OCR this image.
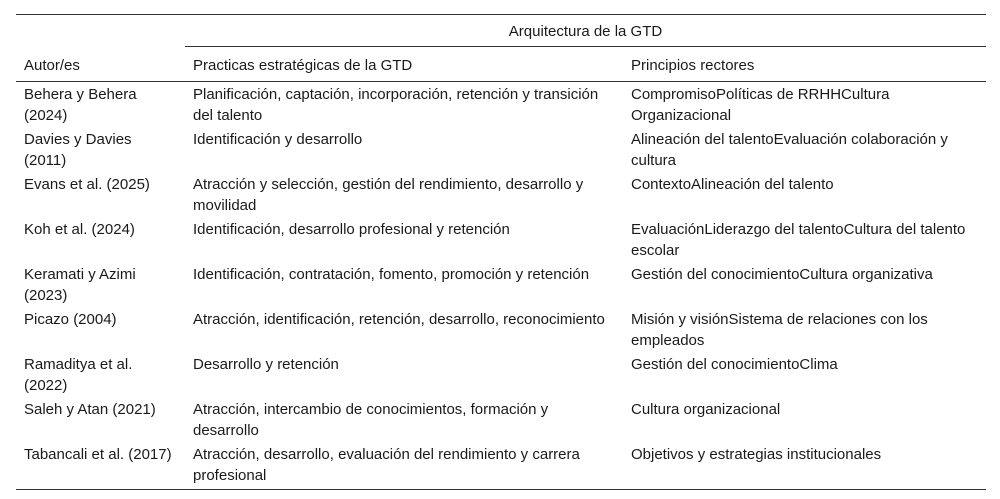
	Arquitectura de la GTD	
Autor/es	Practicas estratégicas de la GTD	Principios rectores
Behera y Behera (2024)	Planificación, captación, incorporación, retención y transición del talento	CompromisoPolíticas de RRHHCultura Organizacional
Davies y Davies (2011)	Identificación y desarrollo	Alineación del talentoEvaluación colaboración y cultura
Evans et al. (2025)	Atracción y selección, gestión del rendimiento, desarrollo y movilidad	ContextoAlineación del talento
Koh et al. (2024)	Identificación, desarrollo profesional y retención	EvaluaciónLiderazgo del talentoCultura del talento escolar
Keramati y Azimi (2023)	Identificación, contratación, fomento, promoción y retención	Gestión del conocimientoCultura organizativa
Picazo (2004)	Atracción, identificación, retención, desarrollo, reconocimiento	Misión y visiónSistema de relaciones con los empleados
Ramaditya et al. (2022)	Desarrollo y retención	Gestión del conocimientoClima
Saleh y Atan (2021)	Atracción, intercambio de conocimientos, formación y desarrollo	Cultura organizacional
Tabancali et al. (2017)	Atracción, desarrollo, evaluación del rendimiento y carrera profesional	Objetivos y estrategias institucionales
